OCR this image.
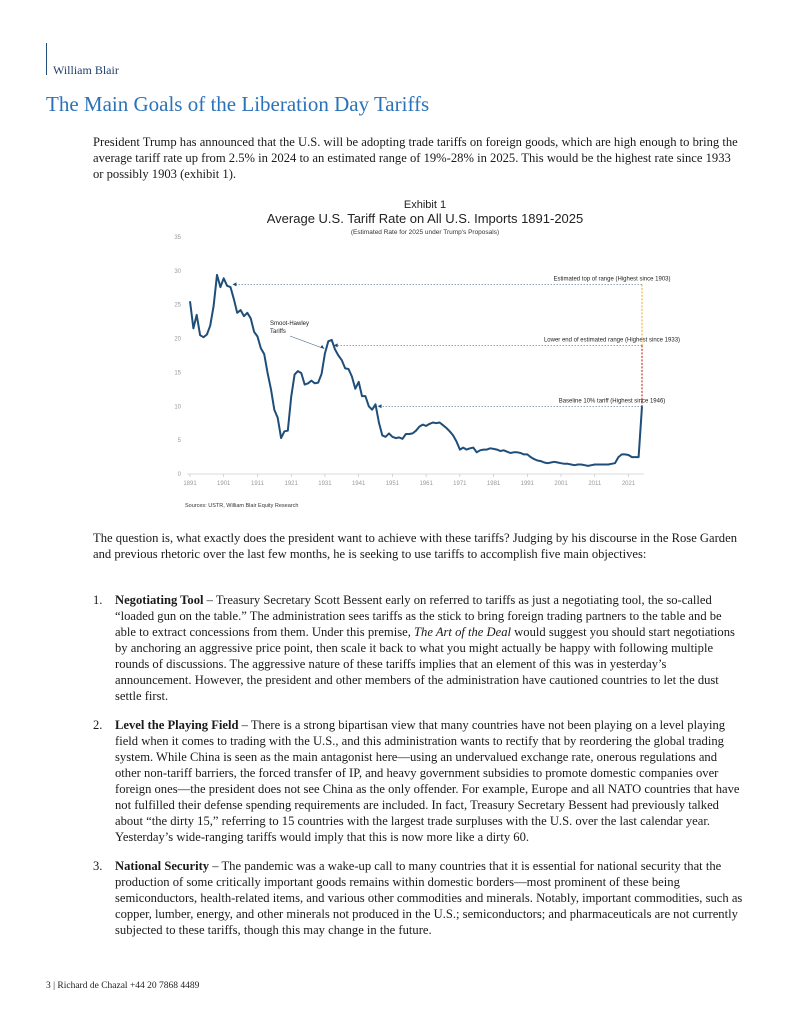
William Blair
The Main Goals of the Liberation Day Tariffs

President Trump has announced that the U.S. will be adopting trade tariffs on foreign goods, which are high enough to bring the average tariff rate up from 2.5% in 2024 to an estimated range of 19%-28% in 2025. This would be the highest rate since 1933 or possibly 1903 (exhibit 1).

Exhibit 1
Average U.S. Tariff Rate on All U.S. Imports 1891-2025
(Estimated Rate for 2025 under Trump's Proposals)
0
5
10
15
20
25
30
35
1891	1901	1911	1921	1931	1941	1951	1961	1971	1981	1991	2001	2011	2021
Estimated top of range (Highest since 1903)
Lower end of estimated range (Highest since 1933)
Baseline 10% tariff (Highest since 1946)
Smoot-Hawley
Tariffs
Sources: USTR, William Blair Equity Research

The question is, what exactly does the president want to achieve with these tariffs? Judging by his discourse in the Rose Garden and previous rhetoric over the last few months, he is seeking to use tariffs to accomplish five main objectives:

1. Negotiating Tool – Treasury Secretary Scott Bessent early on referred to tariffs as just a negotiating tool, the so-called “loaded gun on the table.” The administration sees tariffs as the stick to bring foreign trading partners to the table and be able to extract concessions from them. Under this premise, The Art of the Deal would suggest you should start negotiations by anchoring an aggressive price point, then scale it back to what you might actually be happy with following multiple rounds of discussions. The aggressive nature of these tariffs implies that an element of this was in yesterday’s announcement. However, the president and other members of the administration have cautioned countries to let the dust settle first.
2. Level the Playing Field – There is a strong bipartisan view that many countries have not been playing on a level playing field when it comes to trading with the U.S., and this administration wants to rectify that by reordering the global trading system. While China is seen as the main antagonist here—using an undervalued exchange rate, onerous regulations and other non-tariff barriers, the forced transfer of IP, and heavy government subsidies to promote domestic companies over foreign ones—the president does not see China as the only offender. For example, Europe and all NATO countries that have not fulfilled their defense spending requirements are included. In fact, Treasury Secretary Bessent had previously talked about “the dirty 15,” referring to 15 countries with the largest trade surpluses with the U.S. over the last calendar year. Yesterday’s wide-ranging tariffs would imply that this is now more like a dirty 60.
3. National Security – The pandemic was a wake-up call to many countries that it is essential for national security that the production of some critically important goods remains within domestic borders—most prominent of these being semiconductors, health-related items, and various other commodities and minerals. Notably, important commodities, such as copper, lumber, energy, and other minerals not produced in the U.S.; semiconductors; and pharmaceuticals are not currently subjected to these tariffs, though this may change in the future.
3 | Richard de Chazal +44 20 7868 4489
